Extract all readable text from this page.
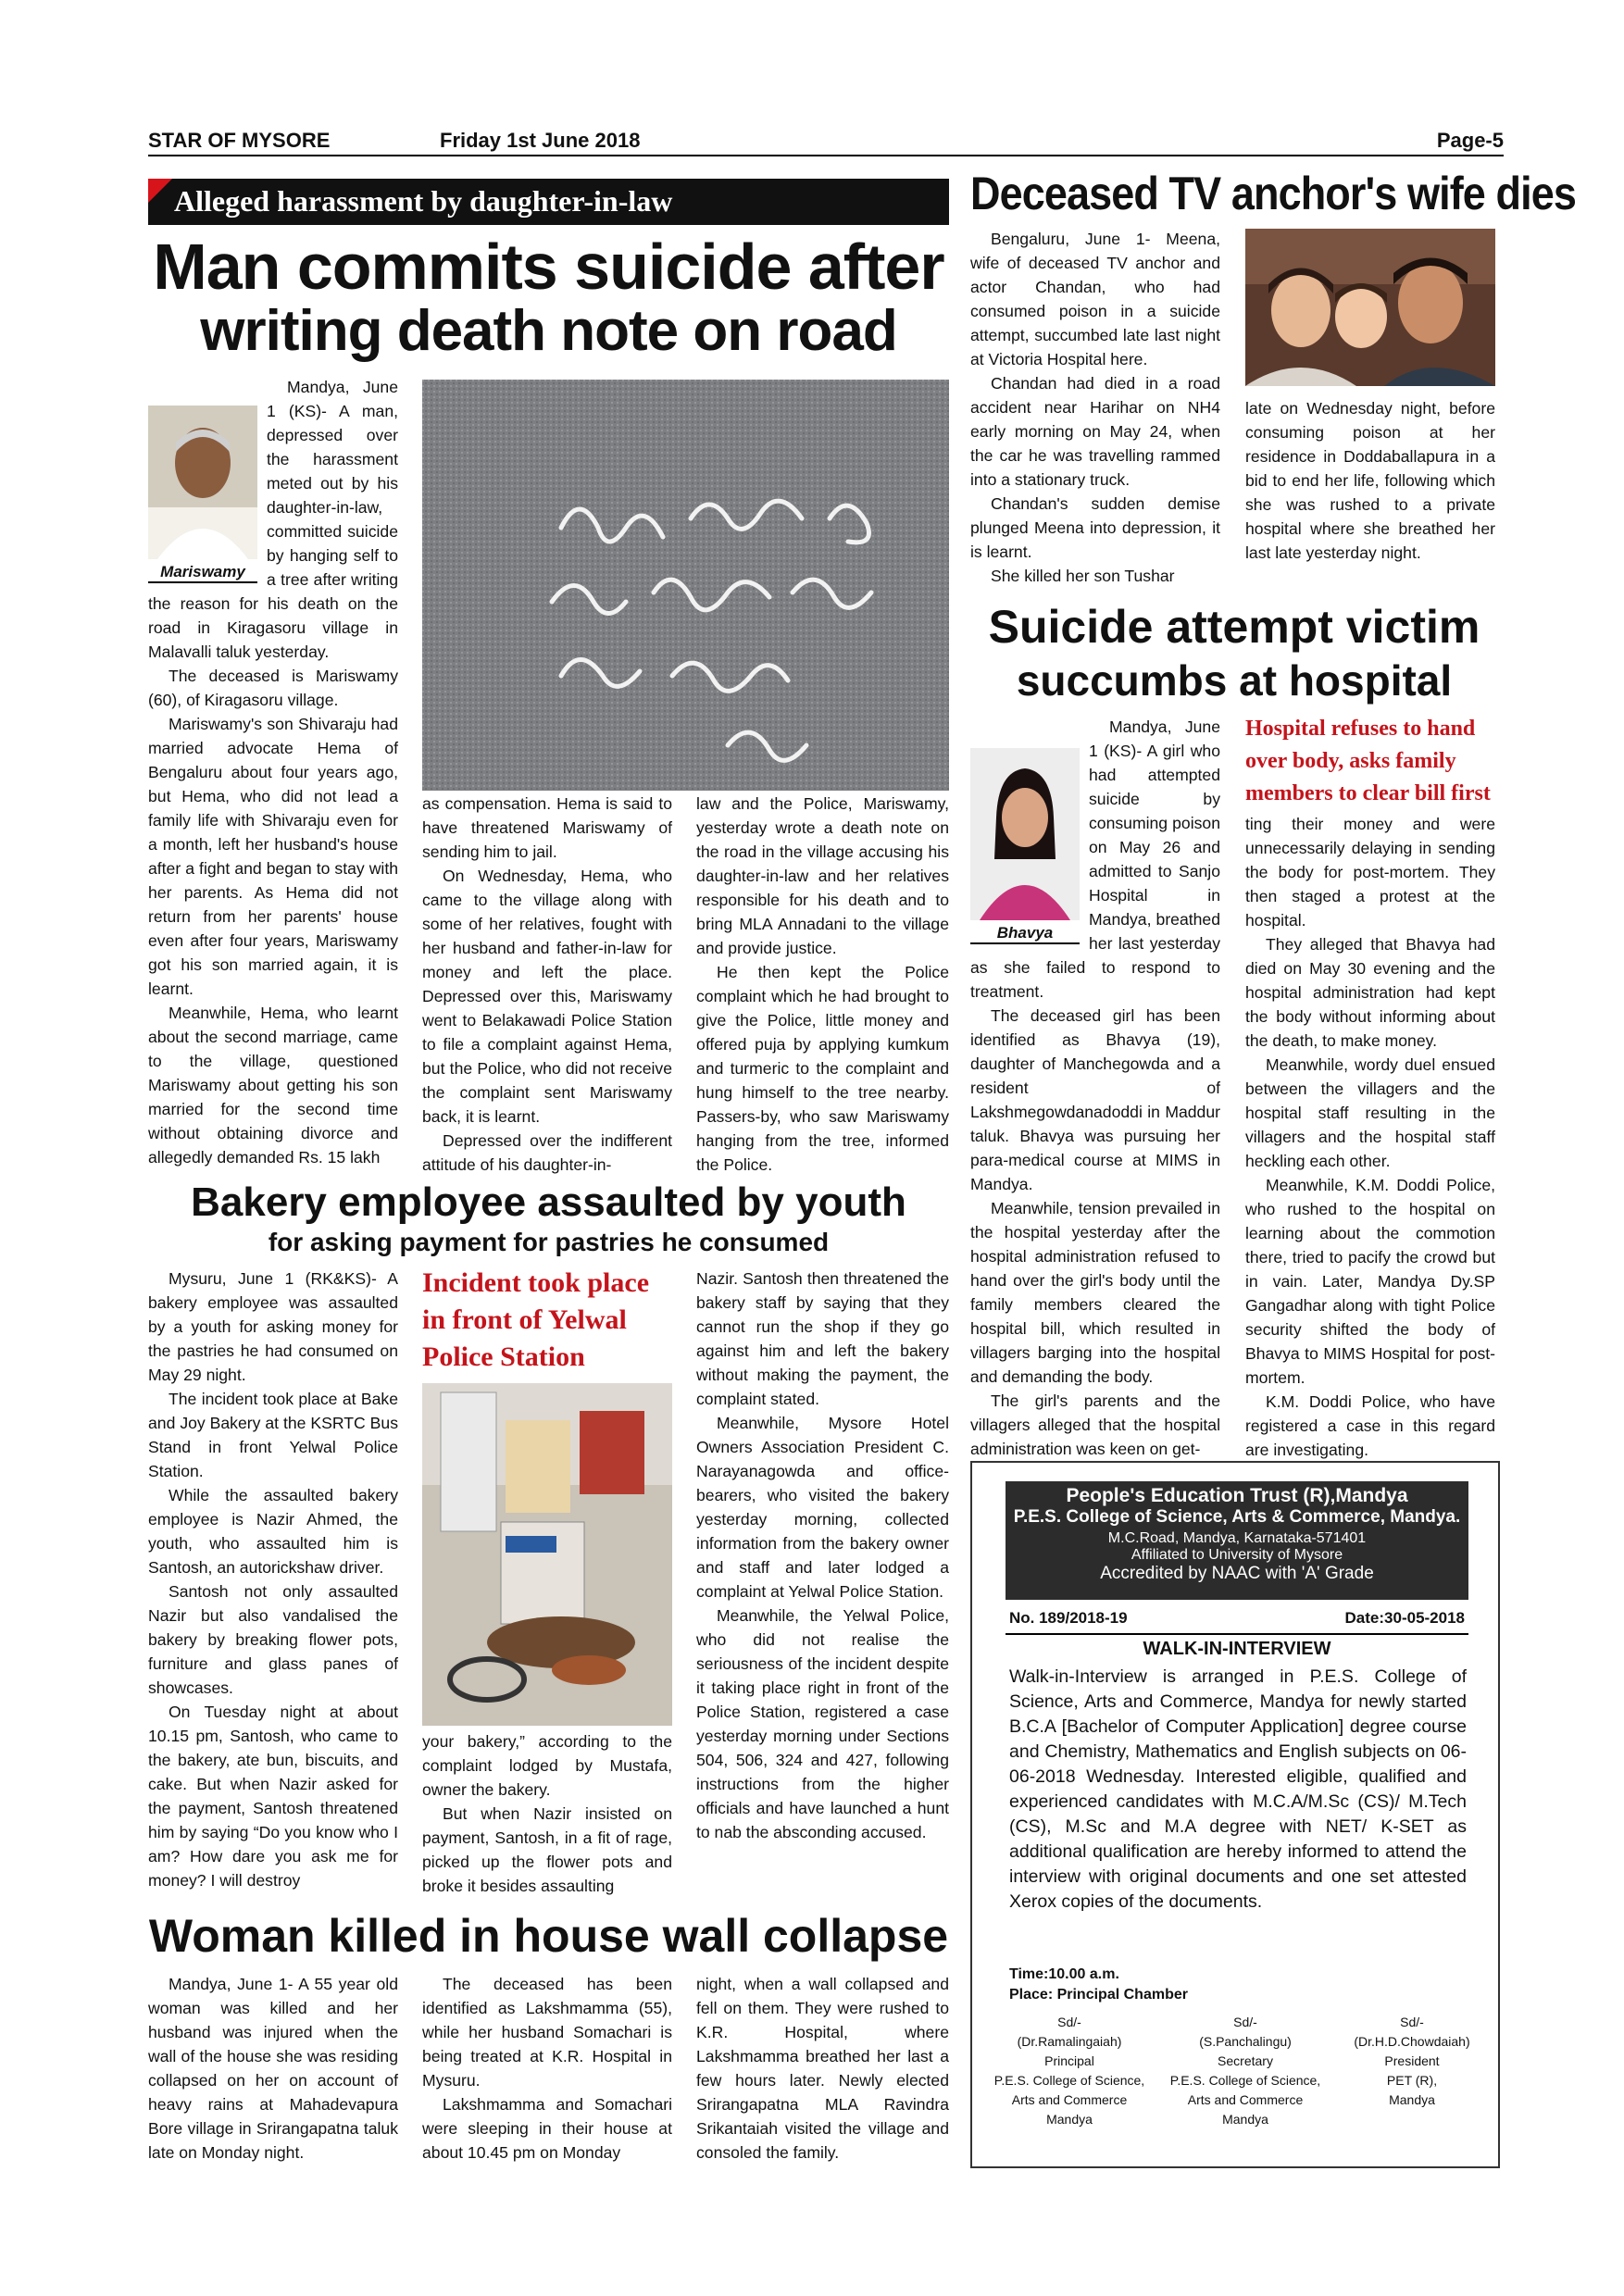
STAR OF MYSORE	Friday 1st June 2018	Page-5
Alleged harassment by daughter-in-law
Man commits suicide after
writing death note on road
Mariswamy

Mandya, June 1 (KS)- A man, depressed over the harassment meted out by his daughter-in-law, committed suicide by hanging self to a tree after writing the reason for his death on the road in Kiragasoru village in Malavalli taluk yesterday.

The deceased is Mariswamy (60), of Kiragasoru village.

Mariswamy's son Shivaraju had married advocate Hema of Bengaluru about four years ago, but Hema, who did not lead a family life with Shivaraju even for a month, left her husband's house after a fight and began to stay with her parents. As Hema did not return from her parents' house even after four years, Mariswamy got his son married again, it is learnt.

Meanwhile, Hema, who learnt about the second marriage, came to the village, questioned Mariswamy about getting his son married for the second time without obtaining divorce and allegedly demanded Rs. 15 lakh

as compensation. Hema is said to have threatened Mariswamy of sending him to jail.

On Wednesday, Hema, who came to the village along with some of her relatives, fought with her husband and father-in-law for money and left the place. Depressed over this, Mariswamy went to Belakawadi Police Station to file a complaint against Hema, but the Police, who did not receive the complaint sent Mariswamy back, it is learnt.

Depressed over the indifferent attitude of his daughter-in-

law and the Police, Mariswamy, yesterday wrote a death note on the road in the village accusing his daughter-in-law and her relatives responsible for his death and to bring MLA Annadani to the village and provide justice.

He then kept the Police complaint which he had brought to give the Police, little money and offered puja by applying kumkum and turmeric to the complaint and hung himself to the tree nearby. Passers-by, who saw Mariswamy hanging from the tree, informed the Police.

Deceased TV anchor's wife dies

Bengaluru, June 1- Meena, wife of deceased TV anchor and actor Chandan, who had consumed poison in a suicide attempt, succumbed late last night at Victoria Hospital here.

Chandan had died in a road accident near Harihar on NH4 early morning on May 24, when the car he was travelling rammed into a stationary truck.

Chandan's sudden demise plunged Meena into depression, it is learnt.

She killed her son Tushar

late on Wednesday night, before consuming poison at her residence in Doddaballapura in a bid to end her life, following which she was rushed to a private hospital where she breathed her last late yesterday night.

Suicide attempt victim
succumbs at hospital
Bhavya

Mandya, June 1 (KS)- A girl who had attempted suicide by consuming poison on May 26 and admitted to Sanjo Hospital in Mandya, breathed her last yesterday as she failed to respond to treatment.

The deceased girl has been identified as Bhavya (19), daughter of Manchegowda and a resident of Lakshmegowdanadoddi in Maddur taluk. Bhavya was pursuing her para-medical course at MIMS in Mandya.

Meanwhile, tension prevailed in the hospital yesterday after the hospital administration refused to hand over the girl's body until the family members cleared the hospital bill, which resulted in villagers barging into the hospital and demanding the body.

The girl's parents and the villagers alleged that the hospital administration was keen on get-

Hospital refuses to hand over body, asks family members to clear bill first

ting their money and were unnecessarily delaying in sending the body for post-mortem. They then staged a protest at the hospital.

They alleged that Bhavya had died on May 30 evening and the hospital administration had kept the body without informing about the death, to make money.

Meanwhile, wordy duel ensued between the villagers and the hospital staff resulting in the villagers and the hospital staff heckling each other.

Meanwhile, K.M. Doddi Police, who rushed to the hospital on learning about the commotion there, tried to pacify the crowd but in vain. Later, Mandya Dy.SP Gangadhar along with tight Police security shifted the body of Bhavya to MIMS Hospital for post-mortem.

K.M. Doddi Police, who have registered a case in this regard are investigating.

Bakery employee assaulted by youth
for asking payment for pastries he consumed

Mysuru, June 1 (RK&KS)- A bakery employee was assaulted by a youth for asking money for the pastries he had consumed on May 29 night.

The incident took place at Bake and Joy Bakery at the KSRTC Bus Stand in front Yelwal Police Station.

While the assaulted bakery employee is Nazir Ahmed, the youth, who assaulted him is Santosh, an autorickshaw driver.

Santosh not only assaulted Nazir but also vandalised the bakery by breaking flower pots, furniture and glass panes of showcases.

On Tuesday night at about 10.15 pm, Santosh, who came to the bakery, ate bun, biscuits, and cake. But when Nazir asked for the payment, Santosh threatened him by saying “Do you know who I am? How dare you ask me for money? I will destroy

Incident took place in front of Yelwal Police Station

your bakery,” according to the complaint lodged by Mustafa, owner the bakery.

But when Nazir insisted on payment, Santosh, in a fit of rage, picked up the flower pots and broke it besides assaulting

Nazir. Santosh then threatened the bakery staff by saying that they cannot run the shop if they go against him and left the bakery without making the payment, the complaint stated.

Meanwhile, Mysore Hotel Owners Association President C. Narayanagowda and office-bearers, who visited the bakery yesterday morning, collected information from the bakery owner and staff and later lodged a complaint at Yelwal Police Station.

Meanwhile, the Yelwal Police, who did not realise the seriousness of the incident despite it taking place right in front of the Police Station, registered a case yesterday morning under Sections 504, 506, 324 and 427, following instructions from the higher officials and have launched a hunt to nab the absconding accused.

Woman killed in house wall collapse

Mandya, June 1- A 55 year old woman was killed and her husband was injured when the wall of the house she was residing collapsed on her on account of heavy rains at Mahadevapura Bore village in Srirangapatna taluk late on Monday night.

The deceased has been identified as Lakshmamma (55), while her husband Somachari is being treated at K.R. Hospital in Mysuru.

Lakshmamma and Somachari were sleeping in their house at about 10.45 pm on Monday

night, when a wall collapsed and fell on them. They were rushed to K.R. Hospital, where Lakshmamma breathed her last a few hours later. Newly elected Srirangapatna MLA Ravindra Srikantaiah visited the village and consoled the family.

People's Education Trust (R),Mandya
P.E.S. College of Science, Arts & Commerce, Mandya.
M.C.Road, Mandya, Karnataka-571401
Affiliated to University of Mysore
Accredited by NAAC with 'A' Grade
No. 189/2018-19	Date:30-05-2018
WALK-IN-INTERVIEW
Walk-in-Interview is arranged in P.E.S. College of Science, Arts and Commerce, Mandya for newly started B.C.A [Bachelor of Computer Application] degree course and Chemistry, Mathematics and English subjects on 06-06-2018 Wednesday. Interested eligible, qualified and experienced candidates with M.C.A/M.Sc (CS)/ M.Tech (CS), M.Sc and M.A degree with NET/ K-SET as additional qualification are hereby informed to attend the interview with original documents and one set attested Xerox copies of the documents.
Time:10.00 a.m.
Place: Principal Chamber
Sd/-
(Dr.Ramalingaiah)
Principal
P.E.S. College of Science,
Arts and Commerce
Mandya
Sd/-
(S.Panchalingu)
Secretary
P.E.S. College of Science,
Arts and Commerce
Mandya
Sd/-
(Dr.H.D.Chowdaiah)
President
PET (R),
Mandya
